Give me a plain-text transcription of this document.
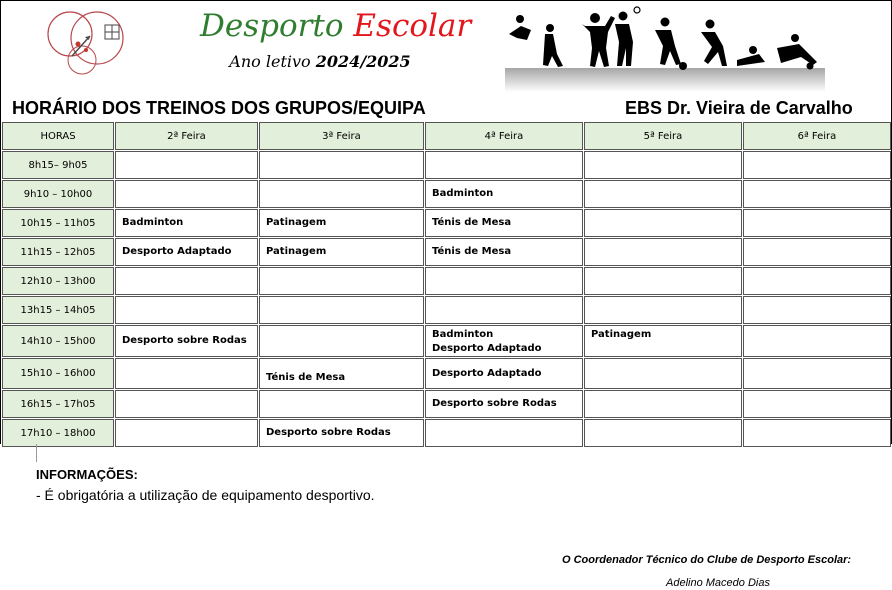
Desporto Escolar
Ano letivo 2024/2025
HORÁRIO DOS TREINOS DOS GRUPOS/EQUIPA	EBS Dr. Vieira de Carvalho
HORAS	2ª Feira	3ª Feira	4ª Feira	5ª Feira	6ª Feira
8h15– 9h05					
9h10 – 10h00			Badminton		

10h15 – 11h05	Badminton	Patinagem	Ténis de Mesa		

11h15 – 12h05	Desporto Adaptado	Patinagem	Ténis de Mesa		

12h10 – 13h00					
13h15 – 14h05					
14h10 – 15h00	Desporto sobre Rodas		Badminton
Desporto Adaptado	Patinagem	

15h10 – 16h00		Ténis de Mesa	Desporto Adaptado		

16h15 – 17h05			Desporto sobre Rodas		

17h10 – 18h00		Desporto sobre Rodas			

INFORMAÇÕES:
- É obrigatória a utilização de equipamento desportivo.
O Coordenador Técnico do Clube de Desporto Escolar:
Adelino Macedo Dias
